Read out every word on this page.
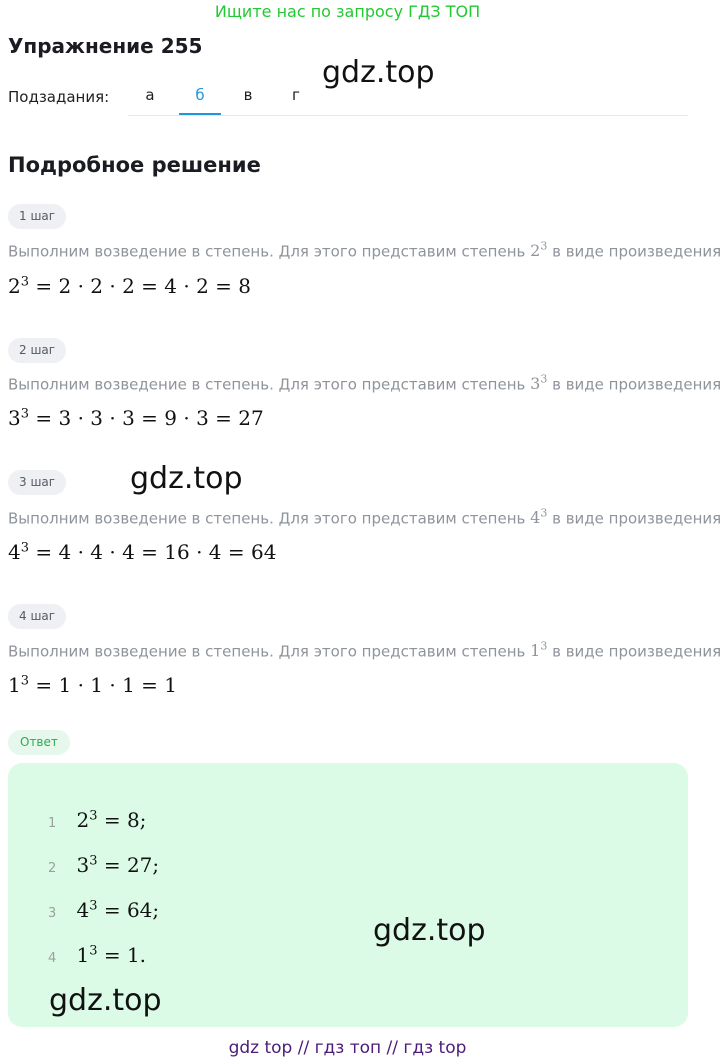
Ищите нас по запросу ГДЗ ТОП
Упражнение 255
gdz.top
Подзадания:	а	б	в	г
Подробное решение
1 шаг
Выполним возведение в степень. Для этого представим степень $2^3$ в виде произведения
$2^3 = 2 \cdot 2 \cdot 2 = 4 \cdot 2 = 8$
2 шаг
Выполним возведение в степень. Для этого представим степень $3^3$ в виде произведения
$3^3 = 3 \cdot 3 \cdot 3 = 9 \cdot 3 = 27$
3 шаг	gdz.top
Выполним возведение в степень. Для этого представим степень $4^3$ в виде произведения
$4^3 = 4 \cdot 4 \cdot 4 = 16 \cdot 4 = 64$
4 шаг
Выполним возведение в степень. Для этого представим степень $1^3$ в виде произведения
$1^3 = 1 \cdot 1 \cdot 1 = 1$
Ответ
1 $2^3 = 8$;
2 $3^3 = 27$;
3 $4^3 = 64$;
4 $1^3 = 1$.
gdz.top
gdz.top
gdz top // гдз топ // гдз top
